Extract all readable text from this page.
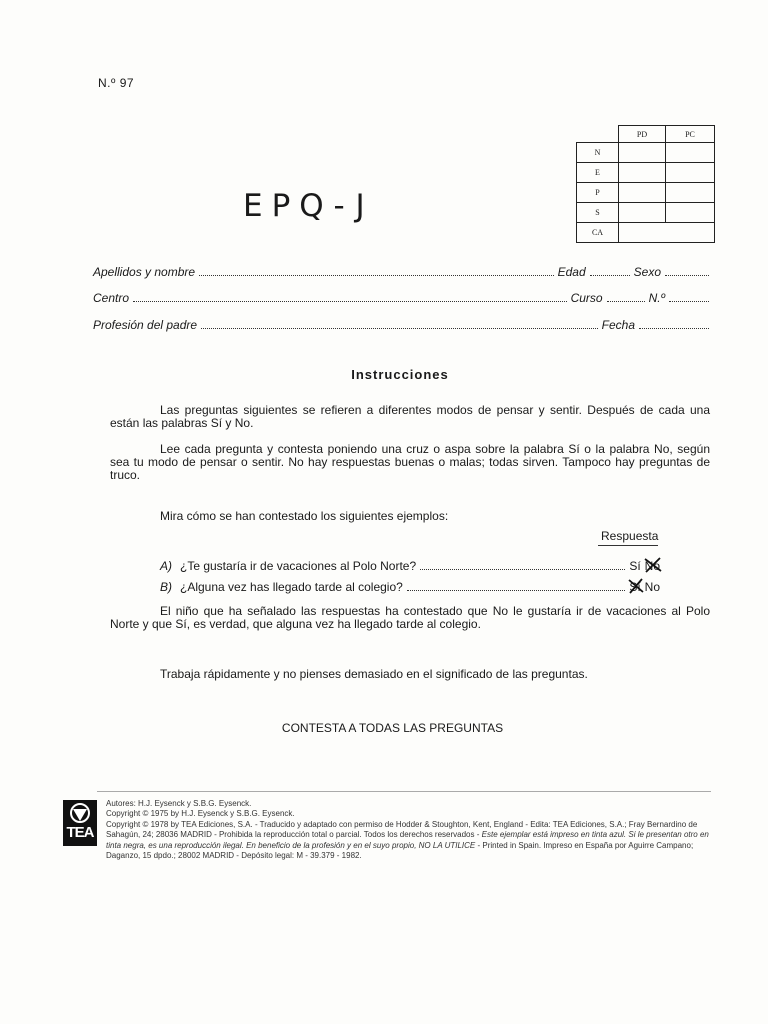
N.º 97
	PD	PC
N		
E		
P		
S		
CA		
EPQ-J
Apellidos y nombre	Edad	Sexo
Centro	Curso	N.º
Profesión del padre	Fecha
Instrucciones

Las preguntas siguientes se refieren a diferentes modos de pensar y sentir. Después de cada una están las palabras Sí y No.

Lee cada pregunta y contesta poniendo una cruz o aspa sobre la palabra Sí o la palabra No, según sea tu modo de pensar o sentir. No hay respuestas buenas o malas; todas sirven. Tampoco hay preguntas de truco.

Mira cómo se han contestado los siguientes ejemplos:

Respuesta
A) ¿Te gustaría ir de vacaciones al Polo Norte?	Sí No
B) ¿Alguna vez has llegado tarde al colegio?	Sí No

El niño que ha señalado las respuestas ha contestado que No le gustaría ir de vacaciones al Polo Norte y que Sí, es verdad, que alguna vez ha llegado tarde al colegio.

Trabaja rápidamente y no pienses demasiado en el significado de las preguntas.

CONTESTA A TODAS LAS PREGUNTAS
TEA

Autores: H.J. Eysenck y S.B.G. Eysenck.

Copyright © 1975 by H.J. Eysenck y S.B.G. Eysenck.

Copyright © 1978 by TEA Ediciones, S.A. - Traducido y adaptado con permiso de Hodder & Stoughton, Kent, England - Edita: TEA Ediciones, S.A.; Fray Bernardino de Sahagún, 24; 28036 MADRID - Prohibida la reproducción total o parcial. Todos los derechos reservados - Este ejemplar está impreso en tinta azul. Si le presentan otro en tinta negra, es una reproducción ilegal. En beneficio de la profesión y en el suyo propio, NO LA UTILICE - Printed in Spain. Impreso en España por Aguirre Campano; Daganzo, 15 dpdo.; 28002 MADRID - Depósito legal: M - 39.379 - 1982.
